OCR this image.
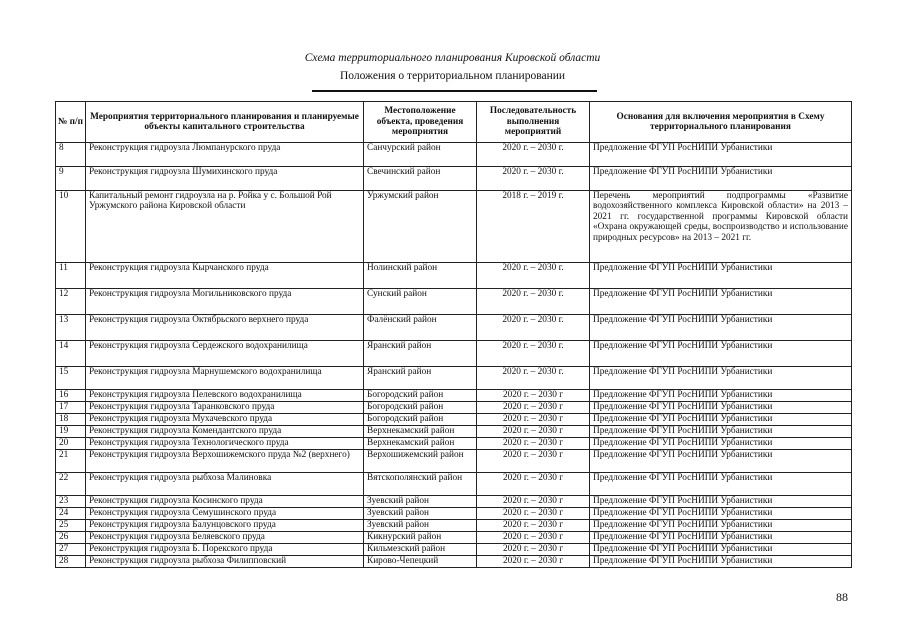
Схема территориального планирования Кировской области
Положения о территориальном планировании
№ п/п	Мероприятия территориального планирования и планируемые объекты капитального строительства	Местоположение объекта, проведения мероприятия	Последовательность выполнения мероприятий	Основания для включения мероприятия в Схему территориального планирования
8	Реконструкция гидроузла Люмпанурского пруда	Санчурский район	2020 г. – 2030 г.	Предложение ФГУП РосНИПИ Урбанистики
9	Реконструкция гидроузла Шумихинского пруда	Свечинский район	2020 г. – 2030 г.	Предложение ФГУП РосНИПИ Урбанистики
10	Капитальный ремонт гидроузла на р. Ройка у с. Большой Рой Уржумского района Кировской области	Уржумский район	2018 г. – 2019 г.	Перечень мероприятий подпрограммы «Развитие водохозяйственного комплекса Кировской области» на 2013 – 2021 гг. государственной программы Кировской области «Охрана окружающей среды, воспроизводство и использование природных ресурсов» на 2013 – 2021 гг.
11	Реконструкция гидроузла Кырчанского пруда	Нолинский район	2020 г. – 2030 г.	Предложение ФГУП РосНИПИ Урбанистики
12	Реконструкция гидроузла Могильниковского пруда	Сунский район	2020 г. – 2030 г.	Предложение ФГУП РосНИПИ Урбанистики
13	Реконструкция гидроузла Октябрьского верхнего пруда	Фалёнский район	2020 г. – 2030 г.	Предложение ФГУП РосНИПИ Урбанистики
14	Реконструкция гидроузла Сердежского водохранилища	Яранский район	2020 г. – 2030 г.	Предложение ФГУП РосНИПИ Урбанистики
15	Реконструкция гидроузла Марнушемского водохранилища	Яранский район	2020 г. – 2030 г.	Предложение ФГУП РосНИПИ Урбанистики
16	Реконструкция гидроузла Пелевского водохранилища	Богородский район	2020 г. – 2030 г	Предложение ФГУП РосНИПИ Урбанистики
17	Реконструкция гидроузла Таранковского пруда	Богородский район	2020 г. – 2030 г	Предложение ФГУП РосНИПИ Урбанистики
18	Реконструкция гидроузла Мухачевского пруда	Богородский район	2020 г. – 2030 г	Предложение ФГУП РосНИПИ Урбанистики
19	Реконструкция гидроузла Комендантского пруда	Верхнекамский район	2020 г. – 2030 г	Предложение ФГУП РосНИПИ Урбанистики
20	Реконструкция гидроузла Технологического пруда	Верхнекамский район	2020 г. – 2030 г	Предложение ФГУП РосНИПИ Урбанистики
21	Реконструкция гидроузла Верхошижемского пруда №2 (верхнего)	Верхошижемский район	2020 г. – 2030 г	Предложение ФГУП РосНИПИ Урбанистики
22	Реконструкция гидроузла рыбхоза Малиновка	Вятскополянский район	2020 г. – 2030 г	Предложение ФГУП РосНИПИ Урбанистики
23	Реконструкция гидроузла Косинского пруда	Зуевский район	2020 г. – 2030 г	Предложение ФГУП РосНИПИ Урбанистики
24	Реконструкция гидроузла Семушинского пруда	Зуевский район	2020 г. – 2030 г	Предложение ФГУП РосНИПИ Урбанистики
25	Реконструкция гидроузла Балунцовского пруда	Зуевский район	2020 г. – 2030 г	Предложение ФГУП РосНИПИ Урбанистики
26	Реконструкция гидроузла Беляевского пруда	Кикнурский район	2020 г. – 2030 г	Предложение ФГУП РосНИПИ Урбанистики
27	Реконструкция гидроузла Б. Порекского пруда	Кильмезский район	2020 г. – 2030 г	Предложение ФГУП РосНИПИ Урбанистики
28	Реконструкция гидроузла рыбхоза Филипповский	Кирово-Чепецкий	2020 г. – 2030 г	Предложение ФГУП РосНИПИ Урбанистики
88
